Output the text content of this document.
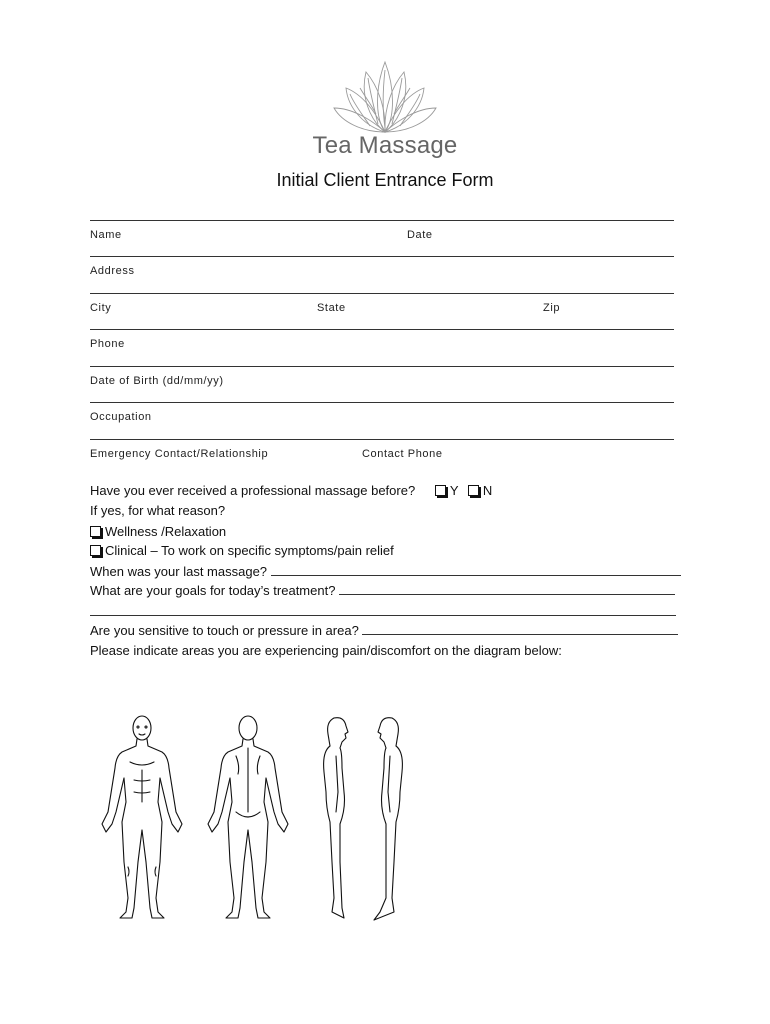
Tea Massage
Initial Client Entrance Form
Name	Date
Address
City	State	Zip
Phone
Date of Birth (dd/mm/yy)
Occupation
Emergency Contact/Relationship	Contact Phone
Have you ever received a professional massage before?	Y N
If yes, for what reason?
Wellness /Relaxation
Clinical – To work on specific symptoms/pain relief
When was your last massage?
What are your goals for today’s treatment?
Are you sensitive to touch or pressure in area?
Please indicate areas you are experiencing pain/discomfort on the diagram below:
